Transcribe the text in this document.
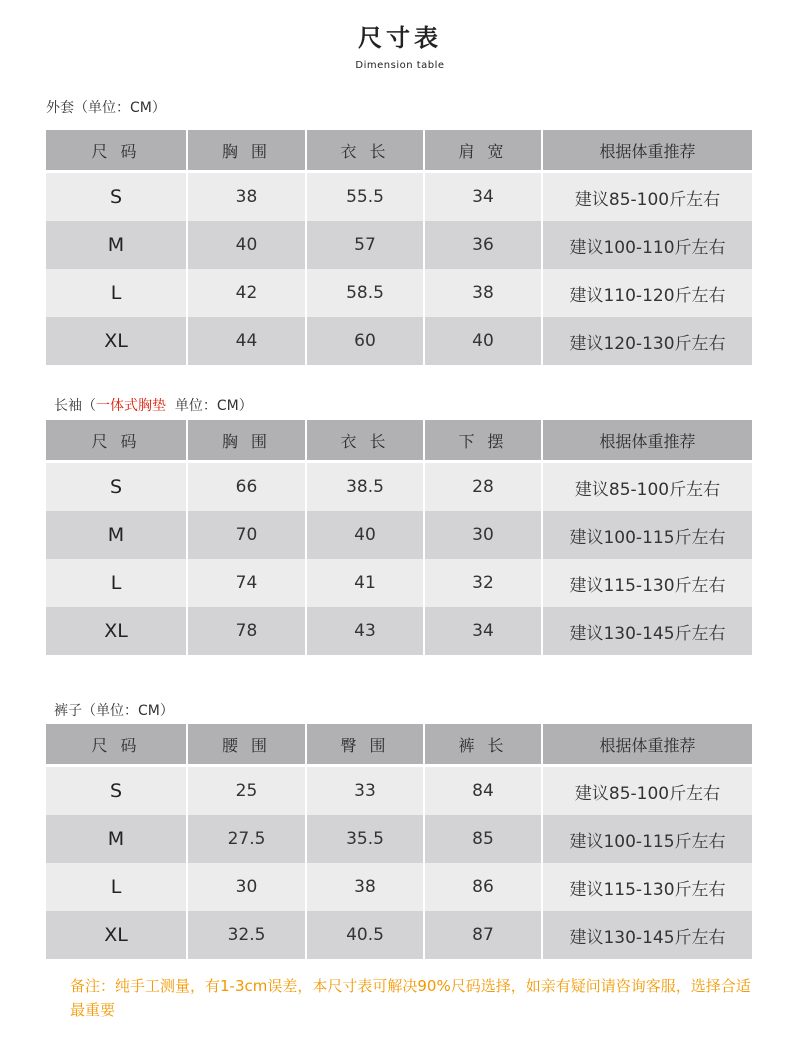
尺寸表
Dimension table
外套（单位：CM）
尺 码	胸 围	衣 长	肩 宽	根据体重推荐
S	38	55.5	34	建议85-100斤左右
M	40	57	36	建议100-110斤左右
L	42	58.5	38	建议110-120斤左右
XL	44	60	40	建议120-130斤左右
长袖（一体式胸垫  单位：CM）
尺 码	胸 围	衣 长	下 摆	根据体重推荐
S	66	38.5	28	建议85-100斤左右
M	70	40	30	建议100-115斤左右
L	74	41	32	建议115-130斤左右
XL	78	43	34	建议130-145斤左右
裤子（单位：CM）
尺 码	腰 围	臀 围	裤 长	根据体重推荐
S	25	33	84	建议85-100斤左右
M	27.5	35.5	85	建议100-115斤左右
L	30	38	86	建议115-130斤左右
XL	32.5	40.5	87	建议130-145斤左右
备注：纯手工测量，有1-3cm误差，本尺寸表可解决90%尺码选择，如亲有疑问请咨询客服，选择合适最重要
